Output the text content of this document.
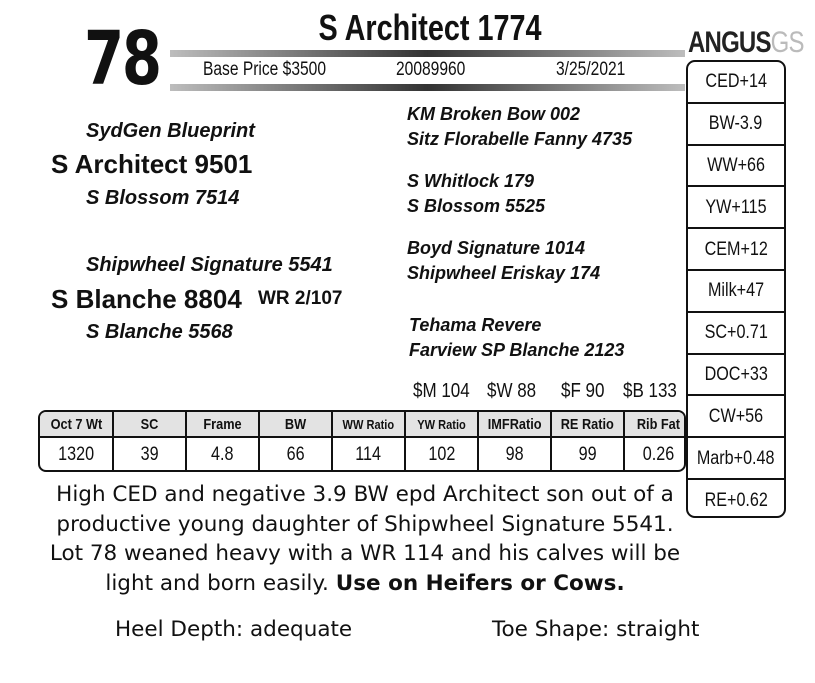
78	S Architect 1774
Base Price $3500	20089960	3/25/2021
ANGUSGS
SydGen Blueprint
S Architect 9501
S Blossom 7514
Shipwheel Signature 5541
S Blanche 8804 WR 2/107
S Blanche 5568
KM Broken Bow 002
Sitz Florabelle Fanny 4735
S Whitlock 179
S Blossom 5525
Boyd Signature 1014
Shipwheel Eriskay 174
Tehama Revere
Farview SP Blanche 2123
$M 104 $W 88 $F 90 $B 133
CED+14
BW-3.9
WW+66
YW+115
CEM+12
Milk+47
SC+0.71
DOC+33
CW+56
Marb+0.48
RE+0.62
Oct 7 Wt	SC	Frame	BW	WW Ratio	YW Ratio	IMFRatio	RE Ratio	Rib Fat
1320	39	4.8	66	114	102	98	99	0.26
High CED and negative 3.9 BW epd Architect son out of a productive young daughter of Shipwheel Signature 5541. Lot 78 weaned heavy with a WR 114 and his calves will be light and born easily. Use on Heifers or Cows.
Heel Depth: adequate	Toe Shape: straight
